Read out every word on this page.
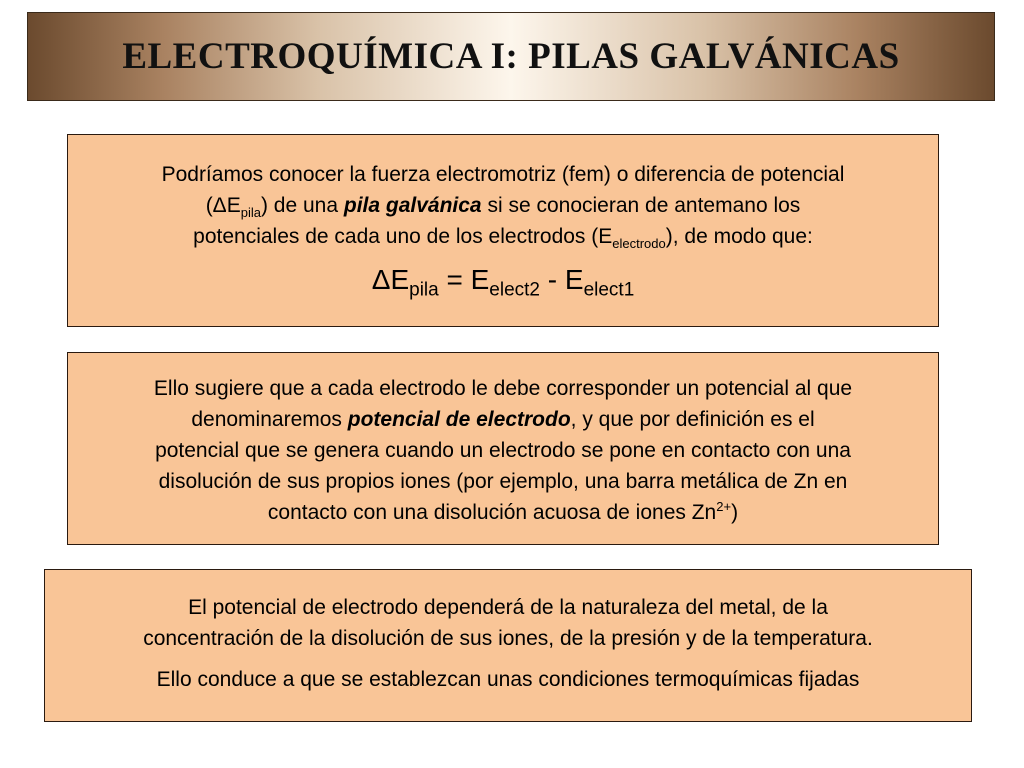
ELECTROQUÍMICA I: PILAS GALVÁNICAS

Podríamos conocer la fuerza electromotriz (fem) o diferencia de potencial
$(\Delta E_{pila})$ de una pila galvánica si se conocieran de antemano los
potenciales de cada uno de los electrodos $(E_{electrodo})$, de modo que:

$\Delta E_{pila} = E_{elect2} - E_{elect1}$

Ello sugiere que a cada electrodo le debe corresponder un potencial al que
denominaremos potencial de electrodo, y que por definición es el
potencial que se genera cuando un electrodo se pone en contacto con una
disolución de sus propios iones (por ejemplo, una barra metálica de Zn en
contacto con una disolución acuosa de iones $Zn^{2+}$)

El potencial de electrodo dependerá de la naturaleza del metal, de la
concentración de la disolución de sus iones, de la presión y de la temperatura.

Ello conduce a que se establezcan unas condiciones termoquímicas fijadas
